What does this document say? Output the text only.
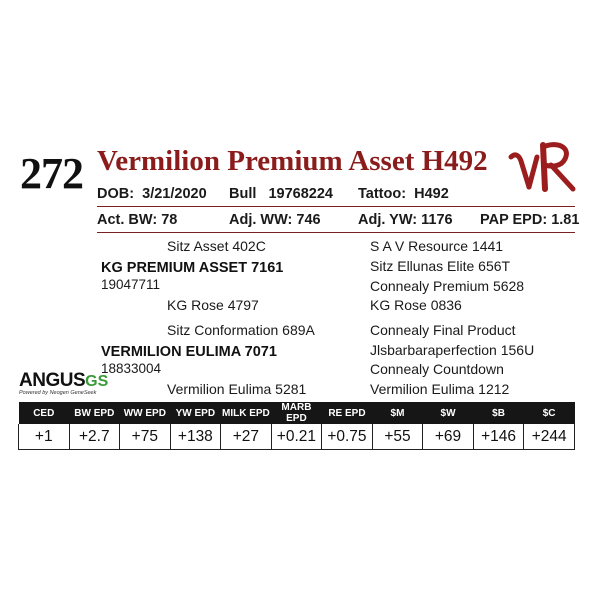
272 Vermilion Premium Asset H492
DOB: 3/21/2020 Bull 19768224 Tattoo: H492
Act. BW: 78	Adj. WW: 746	Adj. YW: 1176 PAP EPD: 1.81
Sitz Asset 402C	S A V Resource 1441
KG PREMIUM ASSET 7161	Sitz Ellunas Elite 656T
19047711	Connealy Premium 5628
KG Rose 4797	KG Rose 0836
Sitz Conformation 689A	Connealy Final Product
VERMILION EULIMA 7071	Jlsbarbaraperfection 156U
18833004	Connealy Countdown
Vermilion Eulima 5281	Vermilion Eulima 1212
ANGUSGS
Powered by Neogen GeneSeek
CED	BW EPD	WW EPD	YW EPD	MILK EPD	MARB EPD	RE EPD	$M	$W	$B	$C
+1	+2.7	+75	+138	+27	+0.21	+0.75	+55	+69	+146	+244
